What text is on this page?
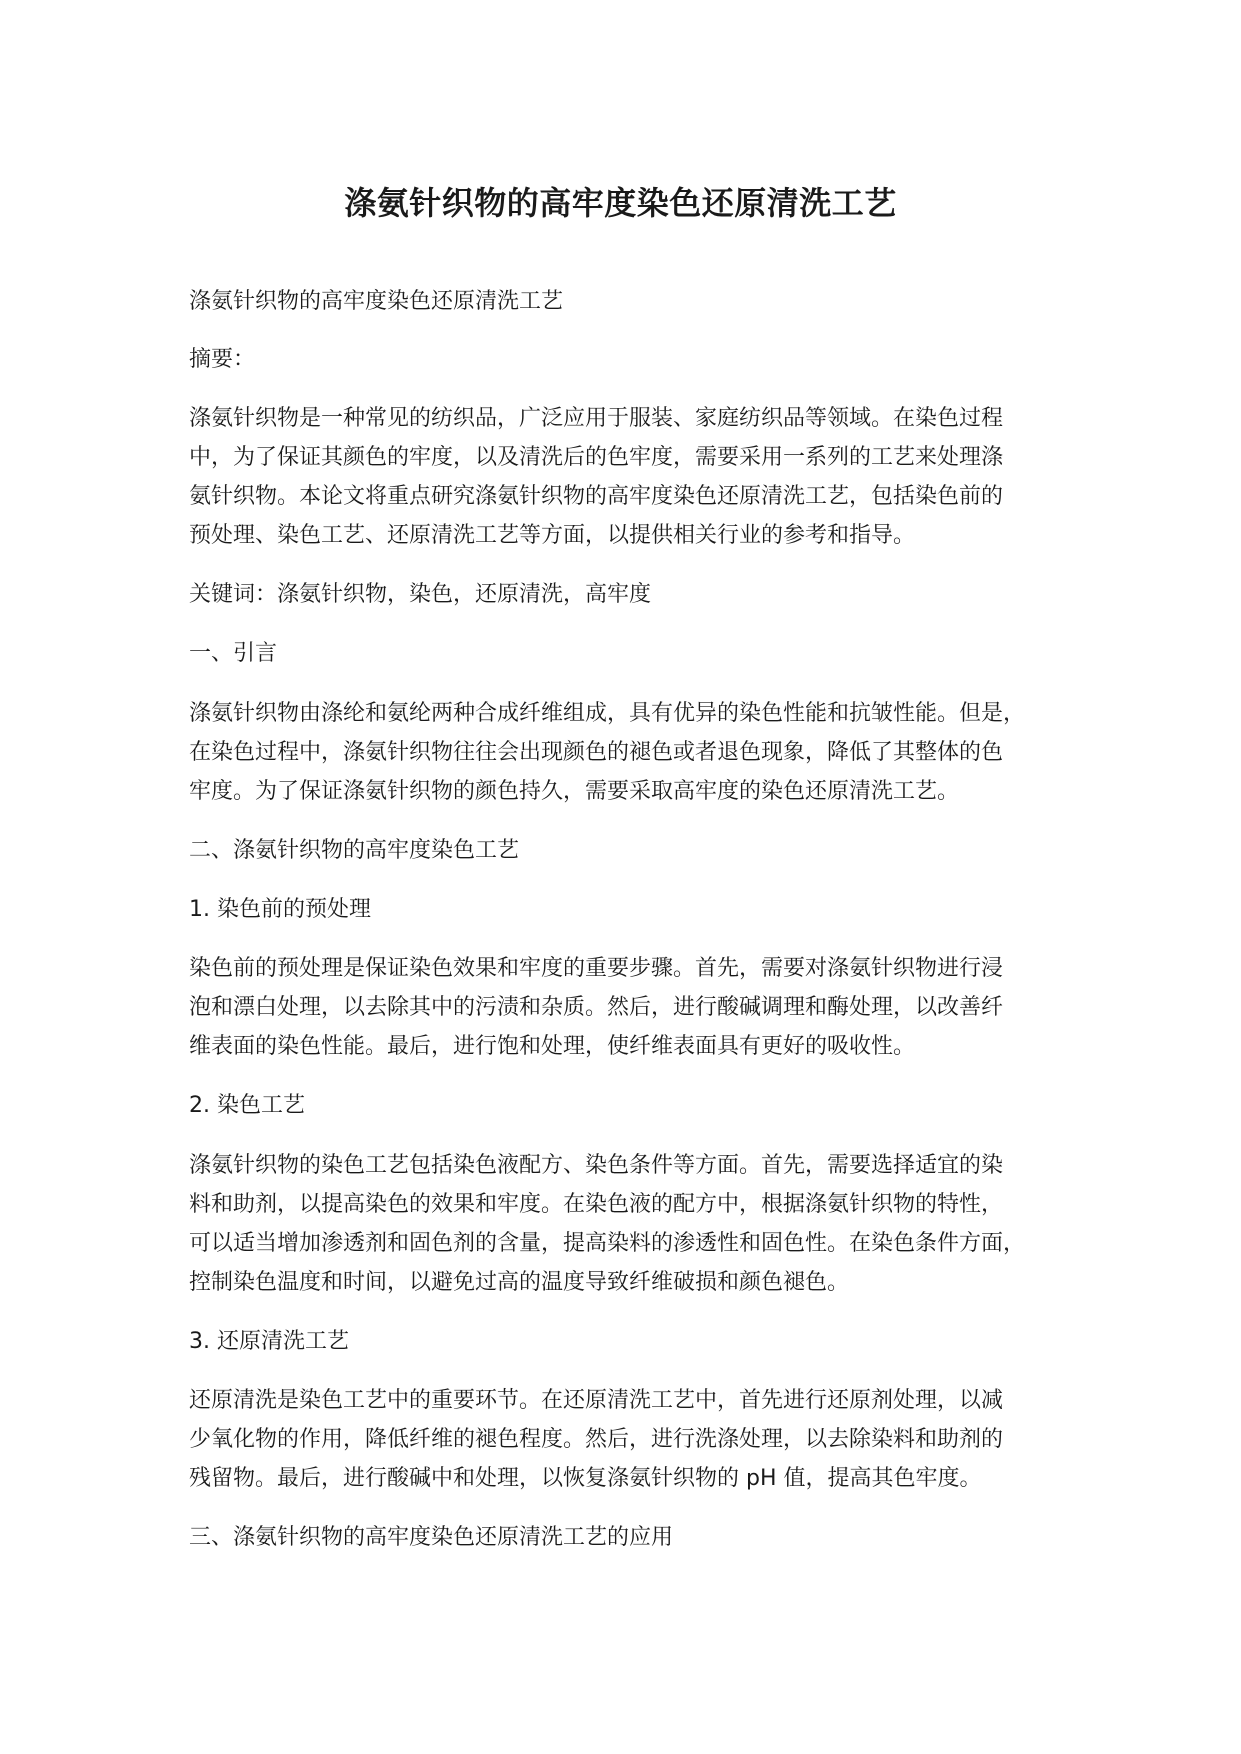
涤氨针织物的高牢度染色还原清洗工艺

涤氨针织物的高牢度染色还原清洗工艺

摘要：

涤氨针织物是一种常见的纺织品，广泛应用于服装、家庭纺织品等领域。在染色过程
中，为了保证其颜色的牢度，以及清洗后的色牢度，需要采用一系列的工艺来处理涤
氨针织物。本论文将重点研究涤氨针织物的高牢度染色还原清洗工艺，包括染色前的
预处理、染色工艺、还原清洗工艺等方面，以提供相关行业的参考和指导。

关键词：涤氨针织物，染色，还原清洗，高牢度

一、引言

涤氨针织物由涤纶和氨纶两种合成纤维组成，具有优异的染色性能和抗皱性能。但是，
在染色过程中，涤氨针织物往往会出现颜色的褪色或者退色现象，降低了其整体的色
牢度。为了保证涤氨针织物的颜色持久，需要采取高牢度的染色还原清洗工艺。

二、涤氨针织物的高牢度染色工艺

1. 染色前的预处理

染色前的预处理是保证染色效果和牢度的重要步骤。首先，需要对涤氨针织物进行浸
泡和漂白处理，以去除其中的污渍和杂质。然后，进行酸碱调理和酶处理，以改善纤
维表面的染色性能。最后，进行饱和处理，使纤维表面具有更好的吸收性。

2. 染色工艺

涤氨针织物的染色工艺包括染色液配方、染色条件等方面。首先，需要选择适宜的染
料和助剂，以提高染色的效果和牢度。在染色液的配方中，根据涤氨针织物的特性，
可以适当增加渗透剂和固色剂的含量，提高染料的渗透性和固色性。在染色条件方面，
控制染色温度和时间，以避免过高的温度导致纤维破损和颜色褪色。

3. 还原清洗工艺

还原清洗是染色工艺中的重要环节。在还原清洗工艺中，首先进行还原剂处理，以减
少氧化物的作用，降低纤维的褪色程度。然后，进行洗涤处理，以去除染料和助剂的
残留物。最后，进行酸碱中和处理，以恢复涤氨针织物的 pH 值，提高其色牢度。

三、涤氨针织物的高牢度染色还原清洗工艺的应用
